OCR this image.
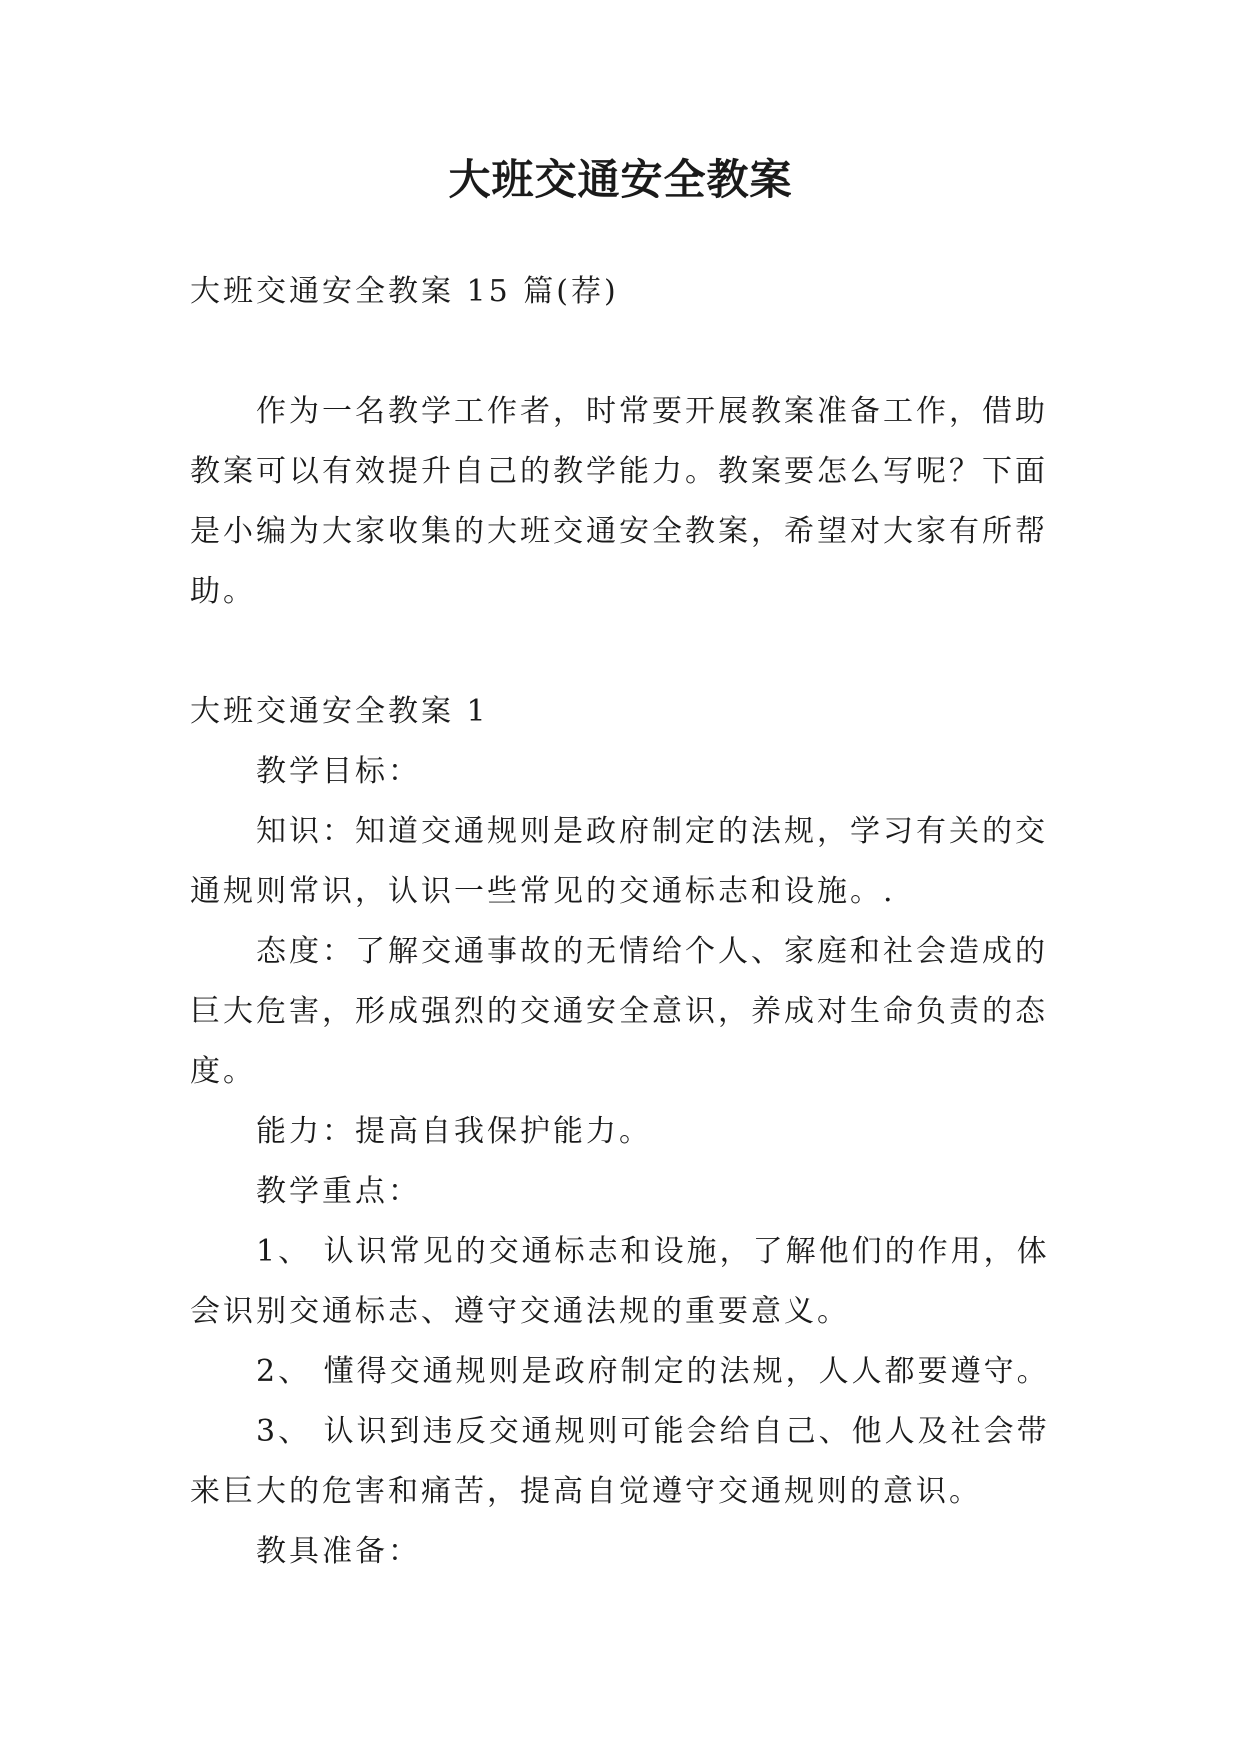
大班交通安全教案

大班交通安全教案 15 篇(荐)

作为一名教学工作者，时常要开展教案准备工作，借助教案可以有效提升自己的教学能力。教案要怎么写呢？下面是小编为大家收集的大班交通安全教案，希望对大家有所帮助。

大班交通安全教案 1

教学目标：

知识：知道交通规则是政府制定的法规，学习有关的交通规则常识，认识一些常见的交通标志和设施。.

态度：了解交通事故的无情给个人、家庭和社会造成的巨大危害，形成强烈的交通安全意识，养成对生命负责的态度。

能力：提高自我保护能力。

教学重点：

1、 认识常见的交通标志和设施，了解他们的作用，体会识别交通标志、遵守交通法规的重要意义。

2、 懂得交通规则是政府制定的法规，人人都要遵守。

3、 认识到违反交通规则可能会给自己、他人及社会带来巨大的危害和痛苦，提高自觉遵守交通规则的意识。

教具准备：
